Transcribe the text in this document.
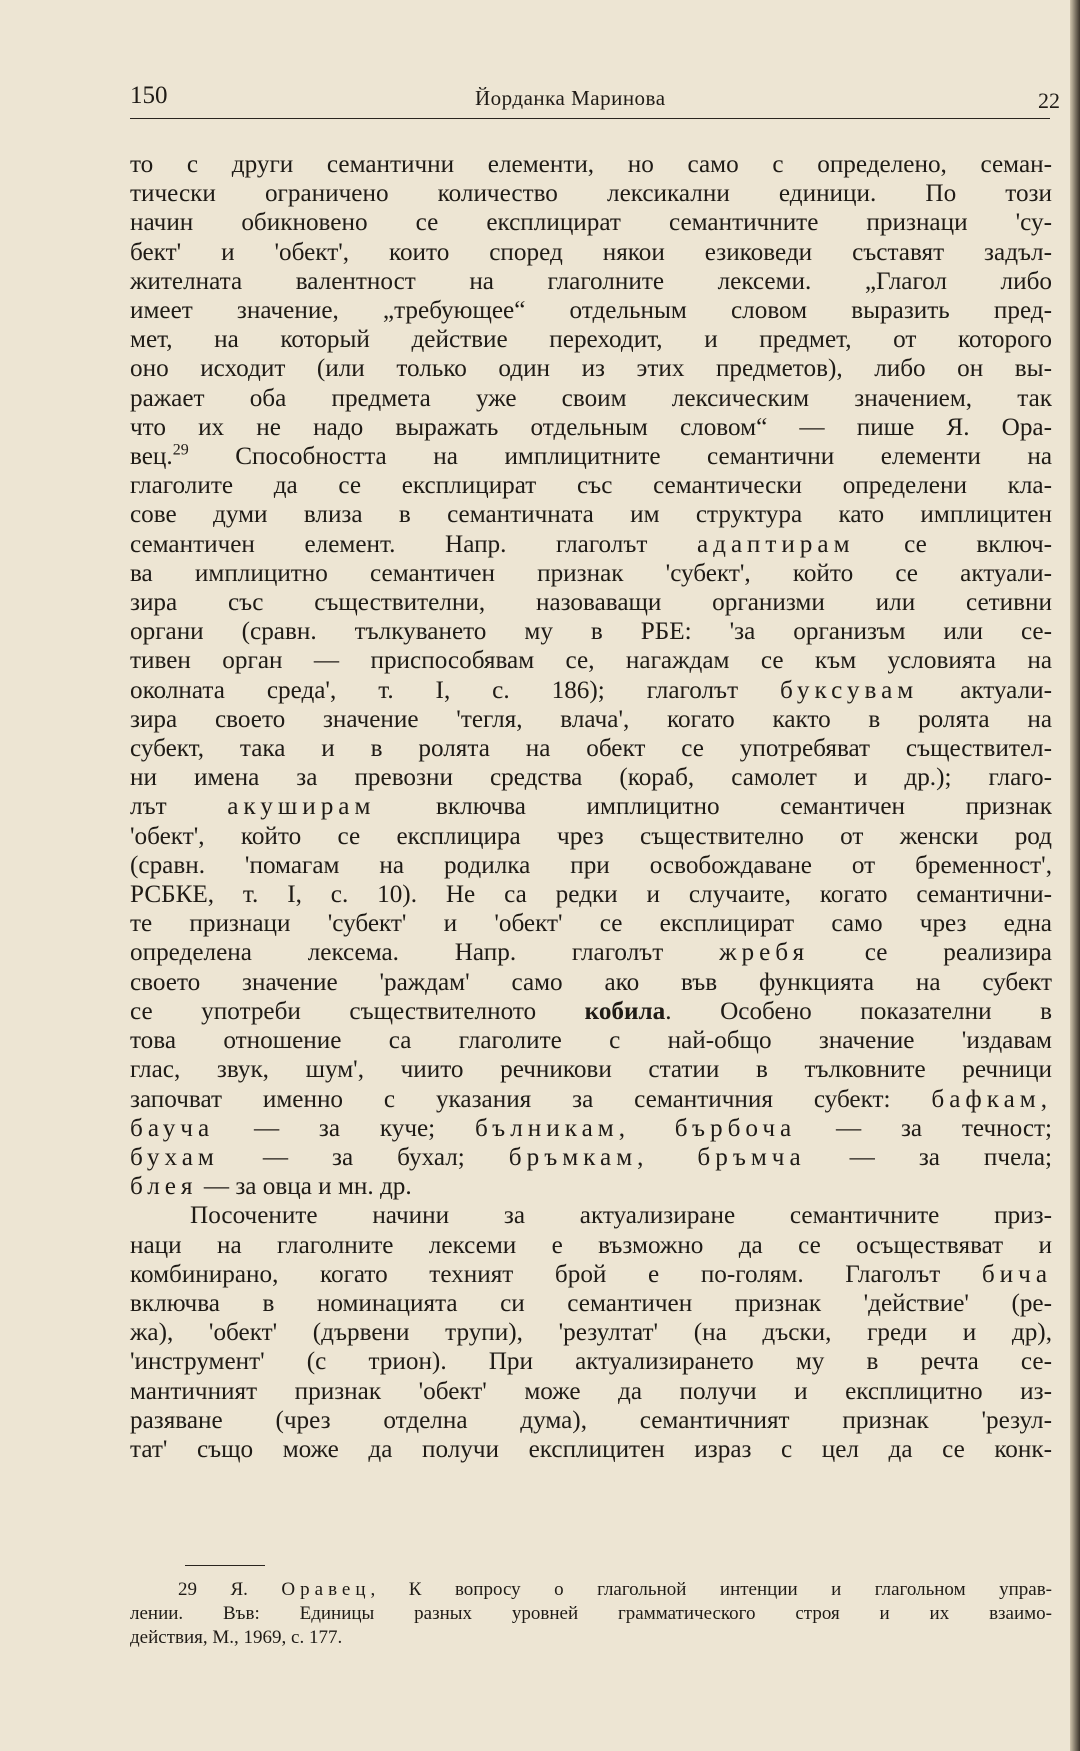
150	Йорданка Маринова	22
то с други семантични елементи, но само с определено, семан-
тически ограничено количество лексикални единици. По този
начин обикновено се експлицират семантичните признаци 'су-
бект' и 'обект', които според някои езиковеди съставят задъл-
жителната валентност на глаголните лексеми. „Глагол либо
имеет значение, „требующее“ отдельным словом выразить пред-
мет, на который действие переходит, и предмет, от которого
оно исходит (или только один из этих предметов), либо он вы-
ражает оба предмета уже своим лексическим значением, так
что их не надо выражать отдельным словом“ — пише Я. Ора-
вец.$^{29}$ Способността на имплицитните семантични елементи на
глаголите да се експлицират със семантически определени кла-
сове думи влиза в семантичната им структура като имплицитен
семантичен елемент. Напр. глаголът адаптирам се включ-
ва имплицитно семантичен признак 'субект', който се актуали-
зира със съществителни, назоваващи организми или сетивни
органи (сравн. тълкуването му в РБЕ: 'за организъм или се-
тивен орган — приспособявам се, нагаждам се към условията на
околната среда', т. I, с. 186); глаголът буксувам актуали-
зира своето значение 'тегля, влача', когато както в ролята на
субект, така и в ролята на обект се употребяват съществител-
ни имена за превозни средства (кораб, самолет и др.); глаго-
лът акуширам включва имплицитно семантичен признак
'обект', който се експлицира чрез съществително от женски род
(сравн. 'помагам на родилка при освобождаване от бременност',
РСБКЕ, т. I, с. 10). Не са редки и случаите, когато семантични-
те признаци 'субект' и 'обект' се експлицират само чрез една
определена лексема. Напр. глаголът жребя се реализира
своето значение 'раждам' само ако във функцията на субект
се употреби съществителното кобила. Особено показателни в
това отношение са глаголите с най-общо значение 'издавам
глас, звук, шум', чиито речникови статии в тълковните речници
започват именно с указания за семантичния субект: бафкам,
бауча — за куче; бълникам, бърбоча — за течност;
бухам — за бухал; бръмкам, бръмча — за пчела;
блея — за овца и мн. др.
Посочените начини за актуализиране семантичните приз-
наци на глаголните лексеми е възможно да се осъществяват и
комбинирано, когато техният брой е по-голям. Глаголът бича
включва в номинацията си семантичен признак 'действие' (ре-
жа), 'обект' (дървени трупи), 'резултат' (на дъски, греди и др),
'инструмент' (с трион). При актуализирането му в речта се-
мантичният признак 'обект' може да получи и експлицитно из-
разяване (чрез отделна дума), семантичният признак 'резул-
тат' също може да получи експлицитен израз с цел да се конк-
29 Я. Оравец, К вопросу о глагольной интенции и глагольном управ-
лении. Във: Единицы разных уровней грамматического строя и их взаимо-
действия, М., 1969, с. 177.
